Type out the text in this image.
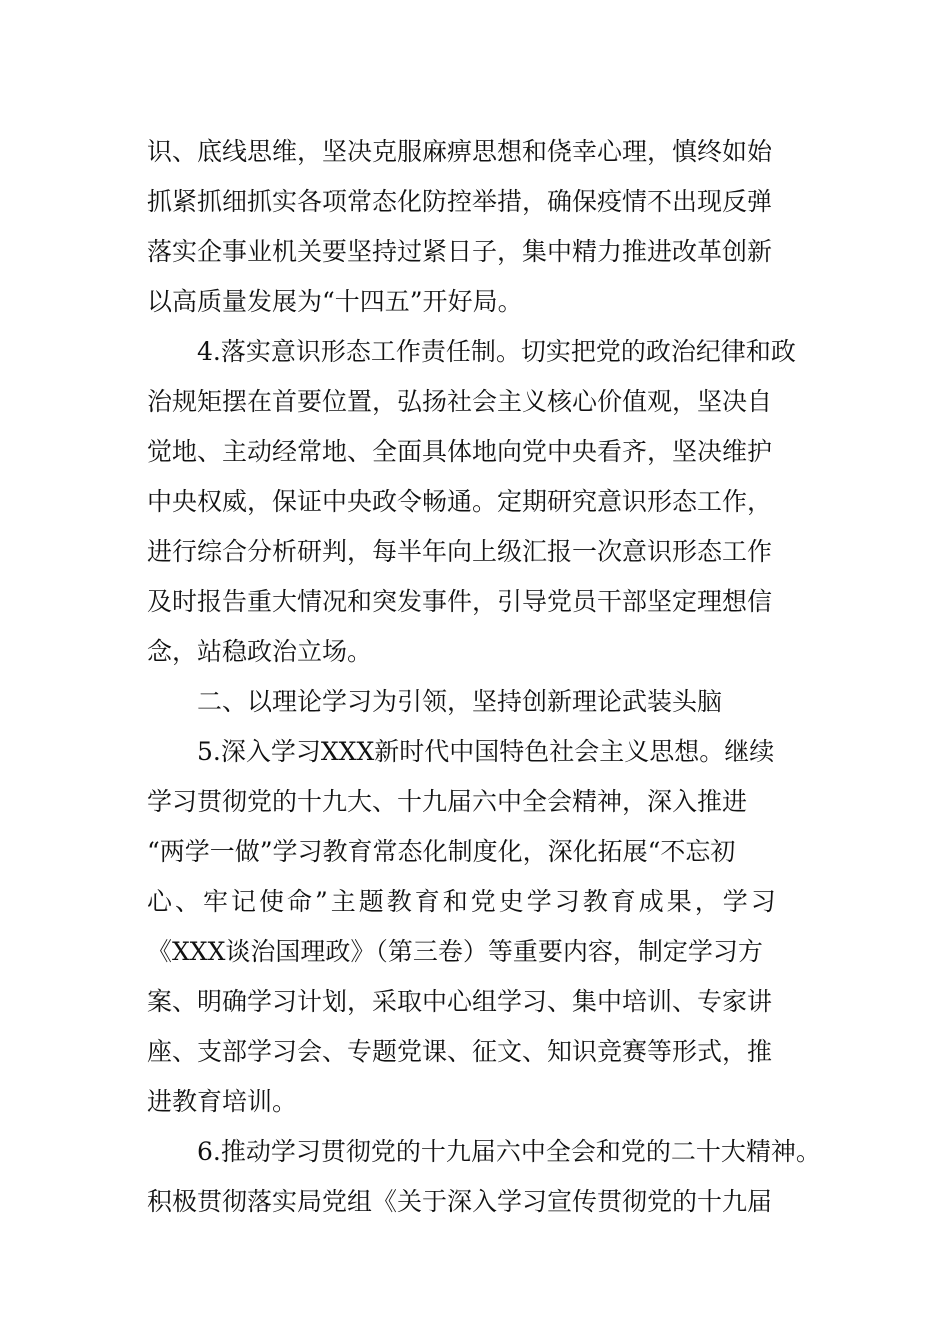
识、底线思维，坚决克服麻痹思想和侥幸心理，慎终如始
抓紧抓细抓实各项常态化防控举措，确保疫情不出现反弹
落实企事业机关要坚持过紧日子，集中精力推进改革创新
以高质量发展为“十四五”开好局。
4.落实意识形态工作责任制。切实把党的政治纪律和政
治规矩摆在首要位置，弘扬社会主义核心价值观，坚决自
觉地、主动经常地、全面具体地向党中央看齐，坚决维护
中央权威，保证中央政令畅通。定期研究意识形态工作，
进行综合分析研判，每半年向上级汇报一次意识形态工作
及时报告重大情况和突发事件，引导党员干部坚定理想信
念，站稳政治立场。
二、以理论学习为引领，坚持创新理论武装头脑
5.深入学习XXX新时代中国特色社会主义思想。继续
学习贯彻党的十九大、十九届六中全会精神，深入推进
“两学一做”学习教育常态化制度化，深化拓展“不忘初
心、牢记使命”主题教育和党史学习教育成果，学习
《XXX谈治国理政》（第三卷）等重要内容，制定学习方
案、明确学习计划，采取中心组学习、集中培训、专家讲
座、支部学习会、专题党课、征文、知识竞赛等形式，推
进教育培训。
6.推动学习贯彻党的十九届六中全会和党的二十大精神。
积极贯彻落实局党组《关于深入学习宣传贯彻党的十九届
